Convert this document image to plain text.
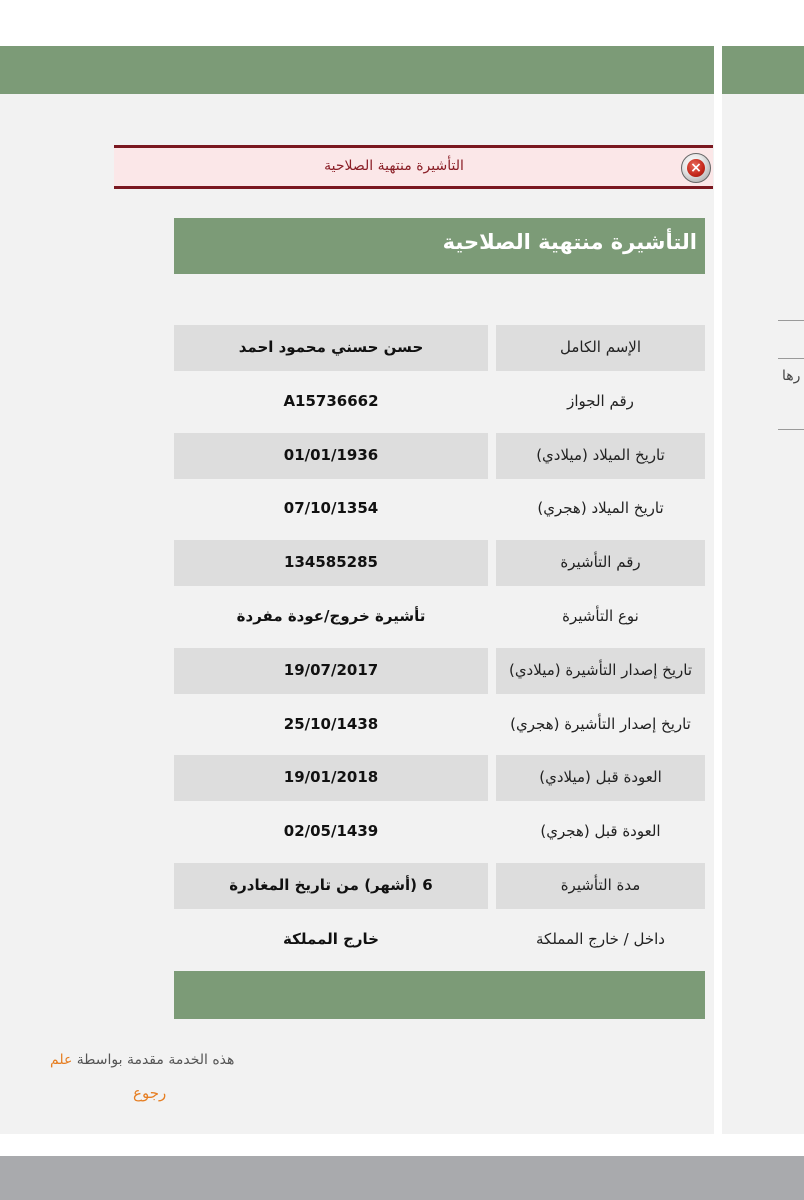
رها
التأشيرة منتهية الصلاحية	×
التأشيرة منتهية الصلاحية
حسن حسني محمود احمد	الإسم الكامل
A15736662	رقم الجواز
01/01/1936	تاريخ الميلاد (ميلادي)
07/10/1354	تاريخ الميلاد (هجري)
134585285	رقم التأشيرة
تأشيرة خروج/عودة مفردة	نوع التأشيرة
19/07/2017	تاريخ إصدار التأشيرة (ميلادي)
25/10/1438	تاريخ إصدار التأشيرة (هجري)
19/01/2018	العودة قبل (ميلادي)
02/05/1439	العودة قبل (هجري)
6 (أشهر) من تاريخ المغادرة	مدة التأشيرة
خارج المملكة	داخل / خارج المملكة
هذه الخدمة مقدمة بواسطة علم
رجوع
